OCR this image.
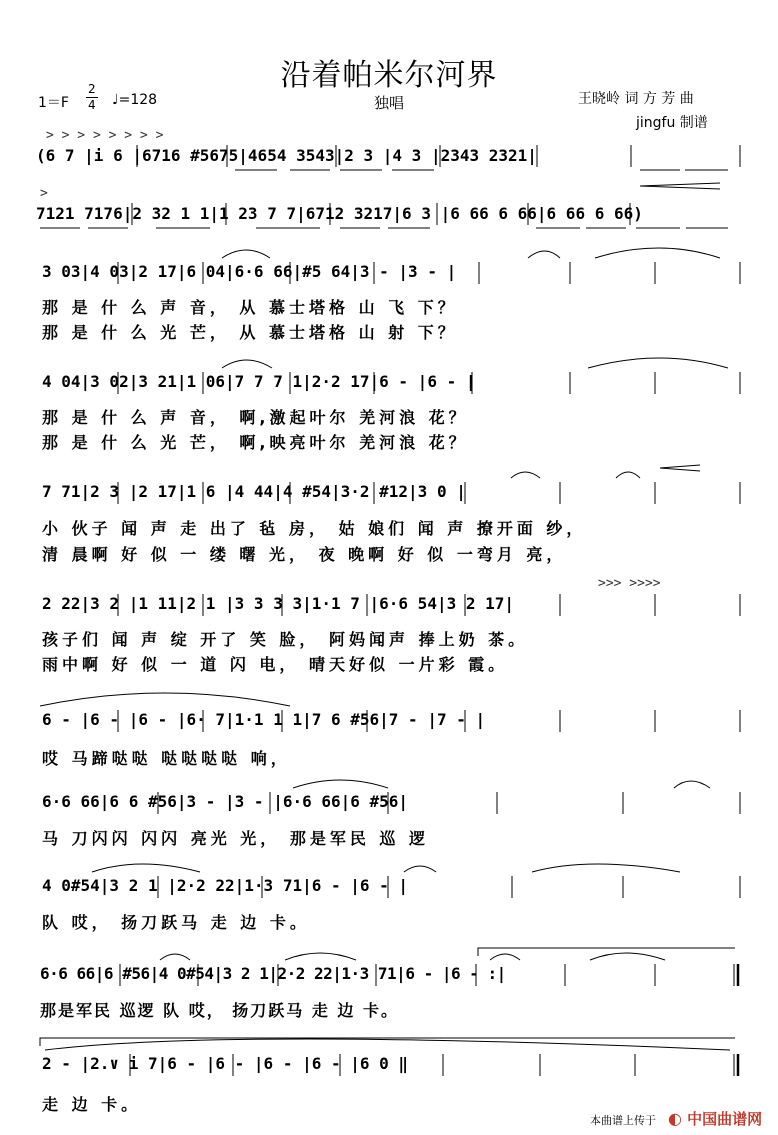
沿着帕米尔河界
独唱
1＝F
2
4 ♩=128	王晓岭 词 方 芳 曲
jingfu 制谱
> > > > > > > >
(6 7 |i 6 |6716 #5675|4654 3543|2 3 |4 3 |2343 2321|
>
7121 7176|2 32 1 1|1 23 7 7|6712 3217|6 3 |6 66 6 66|6 66 6 66)
3 03|4 03|2 17|6 04|6·6 66|#5 64|3 - |3 - |
那 是 什 么 声 音， 从 慕士塔格 山 飞 下？
那 是 什 么 光 芒， 从 慕士塔格 山 射 下？
4 04|3 02|3 21|1 06|7 7 7 1|2·2 17|6 - |6 - |
那 是 什 么 声 音， 啊,激起叶尔 羌河浪 花？
那 是 什 么 光 芒， 啊,映亮叶尔 羌河浪 花？
7 71|2 3 |2 17|1 6 |4 44|4 #54|3·2 #12|3 0 |
小 伙子 闻 声 走 出了 毡 房， 姑 娘们 闻 声 撩开面 纱，
清 晨啊 好 似 一 缕 曙 光， 夜 晚啊 好 似 一弯月 亮，
>>> >>>>
2 22|3 2 |1 11|2 1 |3 3 3 3|1·1 7 |6·6 54|3 2 17|
孩子们 闻 声 绽 开了 笑 脸， 阿妈闻声 捧上奶 茶。
雨中啊 好 似 一 道 闪 电， 晴天好似 一片彩 霞。
6 - |6 - |6 - |6· 7|1·1 1 1|7 6 #56|7 - |7 - |
哎 马蹄哒哒 哒哒哒哒 响，
6·6 66|6 6 #56|3 - |3 - |6·6 66|6 #56|
马 刀闪闪 闪闪 亮光 光， 那是军民 巡 逻
4 0#54|3 2 1 |2·2 22|1·3 71|6 - |6 - |
队 哎， 扬刀跃马 走 边 卡。
6·6 66|6 #56|4 0#54|3 2 1|2·2 22|1·3 71|6 - |6 - :|
那是军民 巡逻 队 哎， 扬刀跃马 走 边 卡。
2 - |2.∨ i 7|6 - |6 - |6 - |6 - |6 0 ‖
走 边 卡。
本曲谱上传于 ◐ 中国曲谱网
